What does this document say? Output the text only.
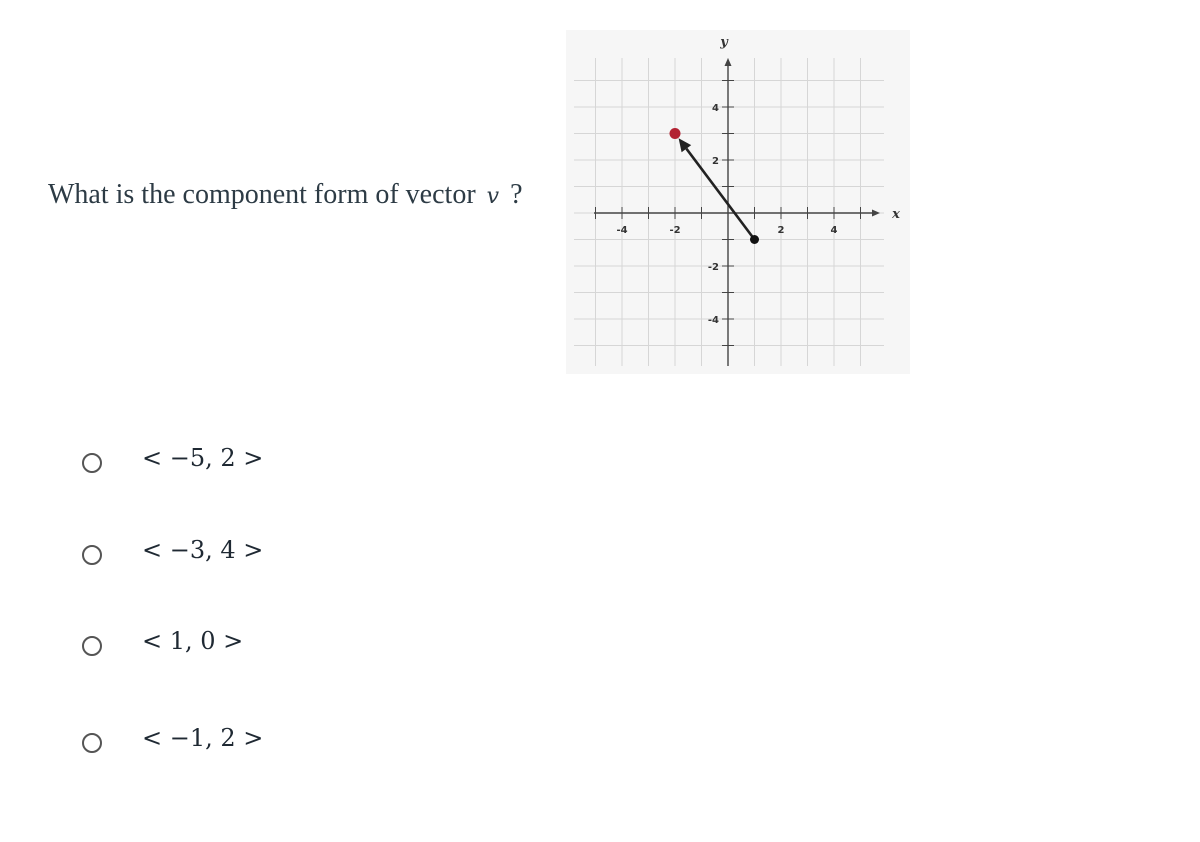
What is the component form of vector v ?
x
y
-4	-2	2	4
4
2
-2
-4
< −5, 2 >
< −3, 4 >
< 1, 0 >
< −1, 2 >
